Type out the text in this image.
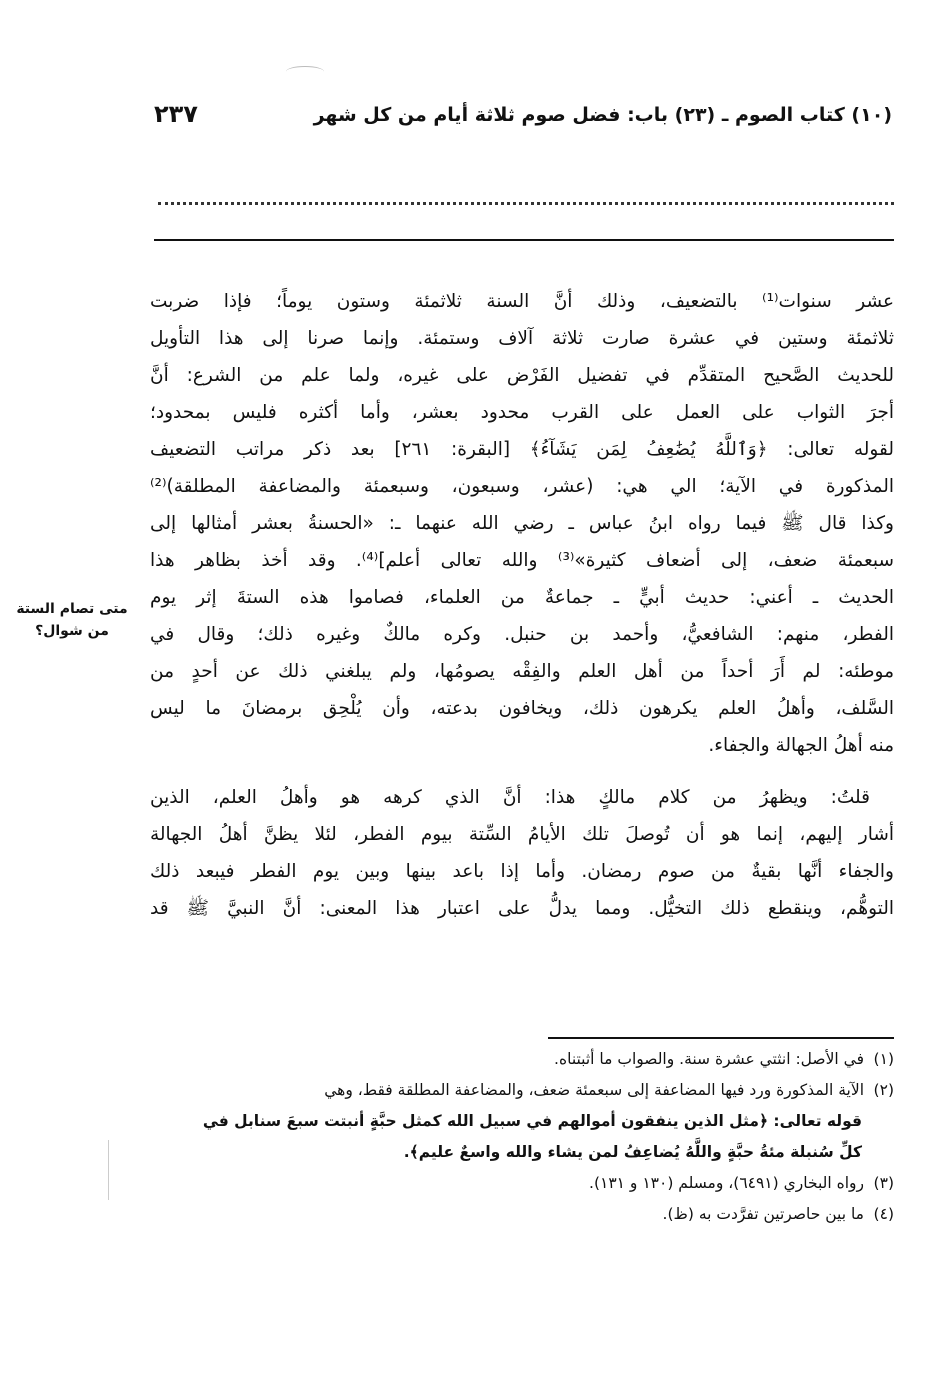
(١٠) كتاب الصوم ـ (٢٣) باب: فضل صوم ثلاثة أيام من كل شهر
٢٣٧
عشر سنوات⁽¹⁾ بالتضعيف، وذلك أنَّ السنة ثلاثمئة وستون يوماً؛ فإذا ضربت
ثلاثمئة وستين في عشرة صارت ثلاثة آلاف وستمئة. وإنما صرنا إلى هذا التأويل
للحديث الصَّحيح المتقدِّم في تفضيل الفَرْض على غيره، ولما علم من الشرع: أنَّ
أجرَ الثواب على العمل على القرب محدود بعشر، وأما أكثره فليس بمحدود؛
لقوله تعالى: ﴿وَٱللَّهُ يُضَٰعِفُ لِمَن يَشَآءُ﴾ [البقرة: ٢٦١] بعد ذكر مراتب التضعيف
المذكورة في الآية؛ الي هي: (عشر، وسبعون، وسبعمئة والمضاعفة المطلقة)⁽²⁾
وكذا قال ﷺ فيما رواه ابنُ عباس ـ رضي الله عنهما ـ: «الحسنةُ بعشر أمثالها إلى
سبعمئة ضعف، إلى أضعاف كثيرة»⁽³⁾ والله تعالى أعلم]⁽⁴⁾. وقد أخذ بظاهر هذا
الحديث ـ أعني: حديث أبيٍّ ـ جماعةٌ من العلماء، فصاموا هذه الستةَ إثر يوم
الفطر، منهم: الشافعيُّ، وأحمد بن حنبل. وكره مالكٌ وغيره ذلك؛ وقال في
موطئه: لم أَرَ أحداً من أهل العلم والفِقْه يصومُها، ولم يبلغني ذلك عن أحدٍ من
السَّلف، وأهلُ العلم يكرهون ذلك، ويخافون بدعته، وأن يُلْحِق برمضانَ ما ليس
منه أهلُ الجهالة والجفاء.
قلتُ: ويظهرُ من كلام مالكٍ هذا: أنَّ الذي كرهه هو وأهلُ العلم، الذين
أشار إليهم، إنما هو أن تُوصلَ تلك الأيامُ السِّتة بيوم الفطر، لئلا يظنَّ أهلُ الجهالة
والجفاء أنَّها بقيةٌ من صوم رمضان. وأما إذا باعد بينها وبين يوم الفطر فيبعد ذلك
التوهُّم، وينقطع ذلك التخيُّل. ومما يدلُّ على اعتبار هذا المعنى: أنَّ النبيَّ ﷺ قد
متى تصام الستة
من شوال؟
(١)في الأصل: انثتي عشرة سنة. والصواب ما أثبتناه.
(٢)الآية المذكورة ورد فيها المضاعفة إلى سبعمئة ضعف، والمضاعفة المطلقة فقط، وهي
قوله تعالى: ﴿مثل الذين ينفقون أموالهم في سبيل الله كمثل حبَّةٍ أنبتت سبعَ سنابل في
كلِّ سُنبلة مئةُ حبَّةٍ واللَّهُ يُضاعِفُ لمن يشاء والله واسعٌ عليم﴾.
(٣)رواه البخاري (٦٤٩١)، ومسلم (١٣٠ و ١٣١).
(٤)ما بين حاصرتين تفرَّدت به (ظ).
